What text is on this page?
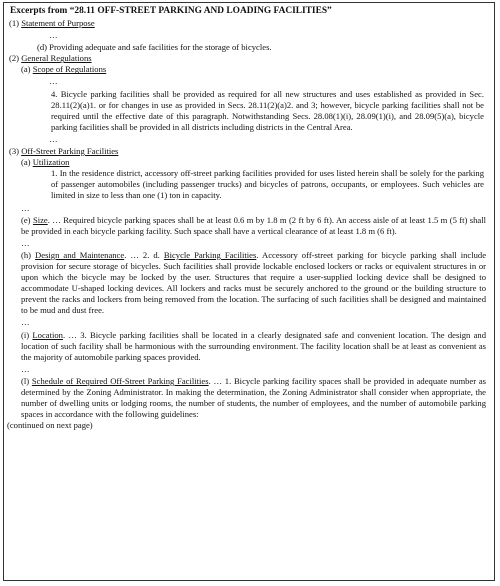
Excerpts from “28.11 OFF-STREET PARKING AND LOADING FACILITIES”
(1) Statement of Purpose
…
(d) Providing adequate and safe facilities for the storage of bicycles.
(2) General Regulations
(a) Scope of Regulations
…

4. Bicycle parking facilities shall be provided as required for all new structures and uses established as provided in Sec. 28.11(2)(a)1. or for changes in use as provided in Secs. 28.11(2)(a)2. and 3; however, bicycle parking facilities shall not be required until the effective date of this paragraph. Notwithstanding Secs. 28.08(1)(i), 28.09(1)(i), and 28.09(5)(a), bicycle parking facilities shall be provided in all districts including districts in the Central Area.

…
(3) Off-Street Parking Facilities
(a) Utilization

1. In the residence district, accessory off-street parking facilities provided for uses listed herein shall be solely for the parking of passenger automobiles (including passenger trucks) and bicycles of patrons, occupants, or employees. Such vehicles are limited in size to less than one (1) ton in capacity.

…

(e) Size. … Required bicycle parking spaces shall be at least 0.6 m by 1.8 m (2 ft by 6 ft). An access aisle of at least 1.5 m (5 ft) shall be provided in each bicycle parking facility. Such space shall have a vertical clearance of at least 1.8 m (6 ft).

…

(h) Design and Maintenance. … 2. d. Bicycle Parking Facilities. Accessory off-street parking for bicycle parking shall include provision for secure storage of bicycles. Such facilities shall provide lockable enclosed lockers or racks or equivalent structures in or upon which the bicycle may be locked by the user. Structures that require a user-supplied locking device shall be designed to accommodate U-shaped locking devices. All lockers and racks must be securely anchored to the ground or the building structure to prevent the racks and lockers from being removed from the location. The surfacing of such facilities shall be designed and maintained to be mud and dust free.

…

(i) Location. … 3. Bicycle parking facilities shall be located in a clearly designated safe and convenient location. The design and location of such facility shall be harmonious with the surrounding environment. The facility location shall be at least as convenient as the majority of automobile parking spaces provided.

…

(l) Schedule of Required Off-Street Parking Facilities. … 1. Bicycle parking facility spaces shall be provided in adequate number as determined by the Zoning Administrator. In making the determination, the Zoning Administrator shall consider when appropriate, the number of dwelling units or lodging rooms, the number of students, the number of employees, and the number of automobile parking spaces in accordance with the following guidelines:

(continued on next page)
